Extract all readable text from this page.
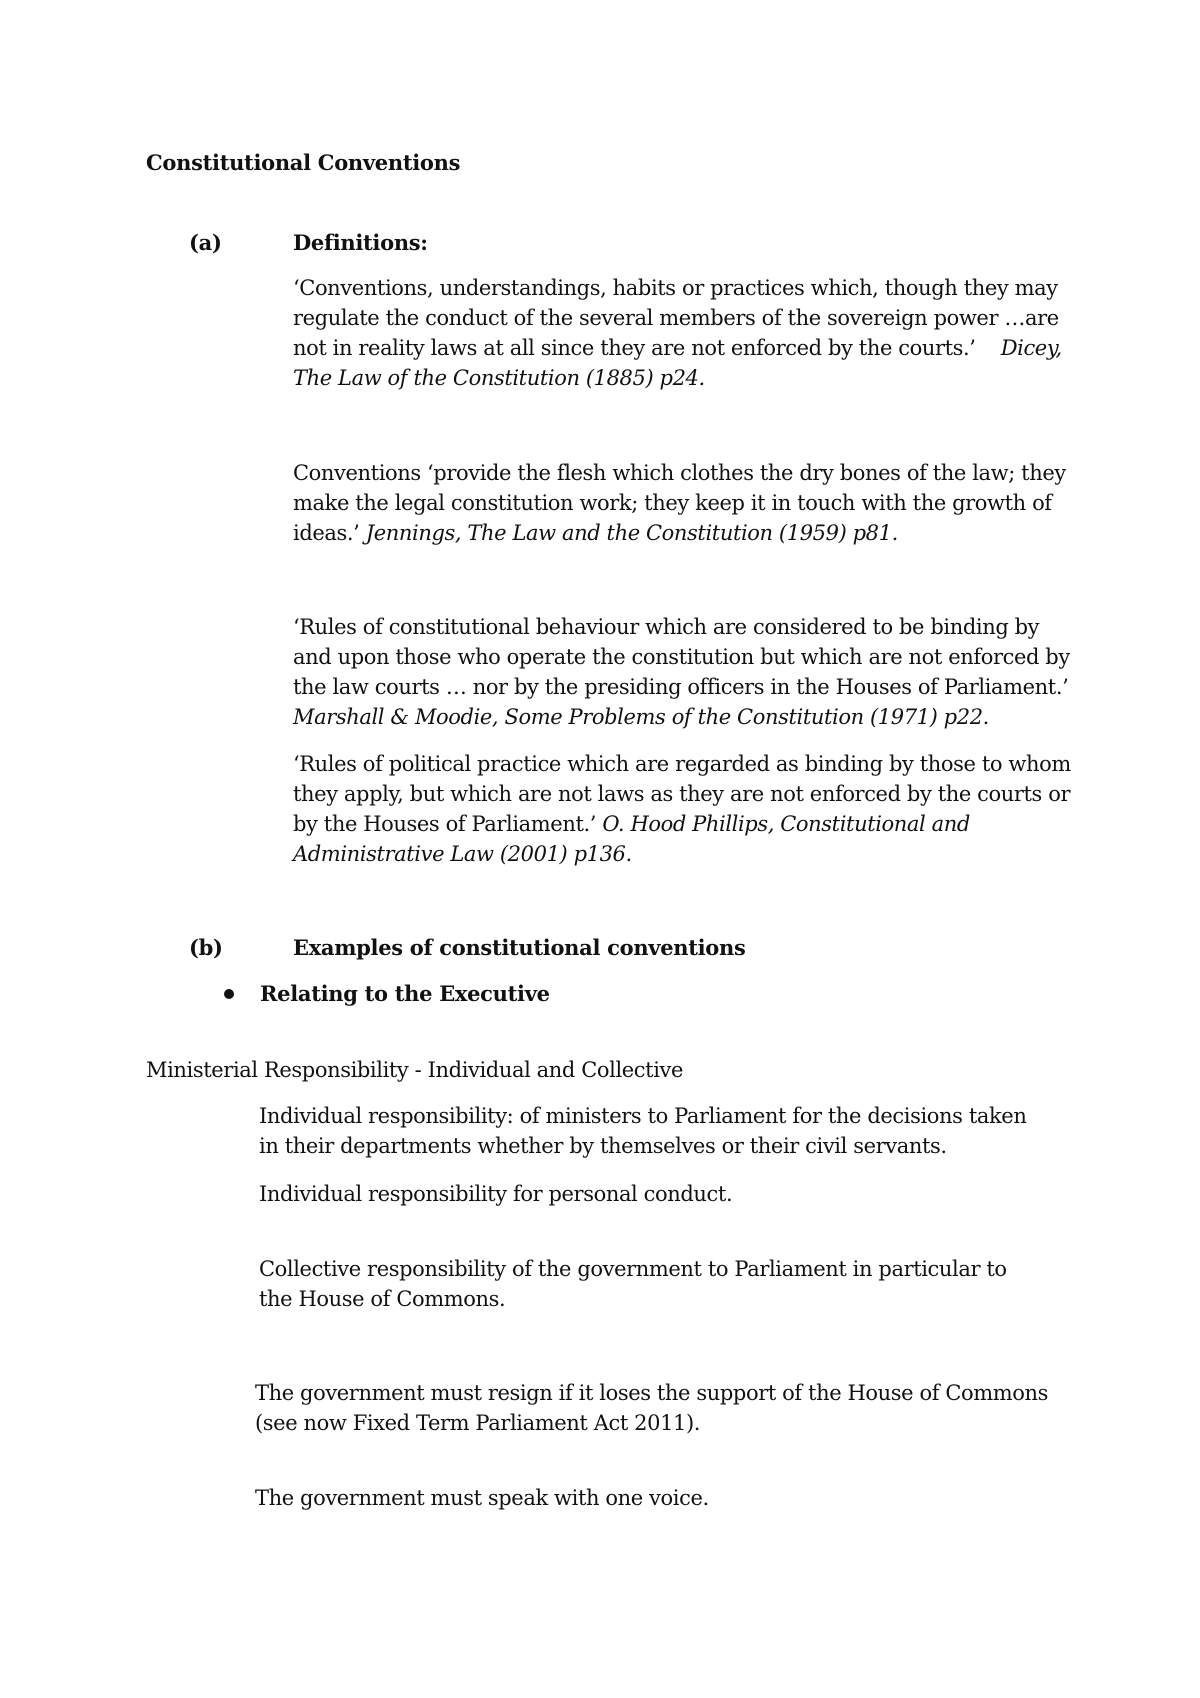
Constitutional Conventions
(a)	Definitions:
‘Conventions, understandings, habits or practices which, though they may regulate the conduct of the several members of the sovereign power …are not in reality laws at all since they are not enforced by the courts.’ Dicey, The Law of the Constitution (1885) p24.
Conventions ‘provide the flesh which clothes the dry bones of the law; they make the legal constitution work; they keep it in touch with the growth of ideas.’ Jennings, The Law and the Constitution (1959) p81.
‘Rules of constitutional behaviour which are considered to be binding by and upon those who operate the constitution but which are not enforced by the law courts … nor by the presiding officers in the Houses of Parliament.’ Marshall & Moodie, Some Problems of the Constitution (1971) p22.
‘Rules of political practice which are regarded as binding by those to whom they apply, but which are not laws as they are not enforced by the courts or by the Houses of Parliament.’ O. Hood Phillips, Constitutional and Administrative Law (2001) p136.
(b)	Examples of constitutional conventions
Relating to the Executive
Ministerial Responsibility - Individual and Collective
Individual responsibility: of ministers to Parliament for the decisions taken in their departments whether by themselves or their civil servants.
Individual responsibility for personal conduct.
Collective responsibility of the government to Parliament in particular to the House of Commons.
The government must resign if it loses the support of the House of Commons (see now Fixed Term Parliament Act 2011).
The government must speak with one voice.
